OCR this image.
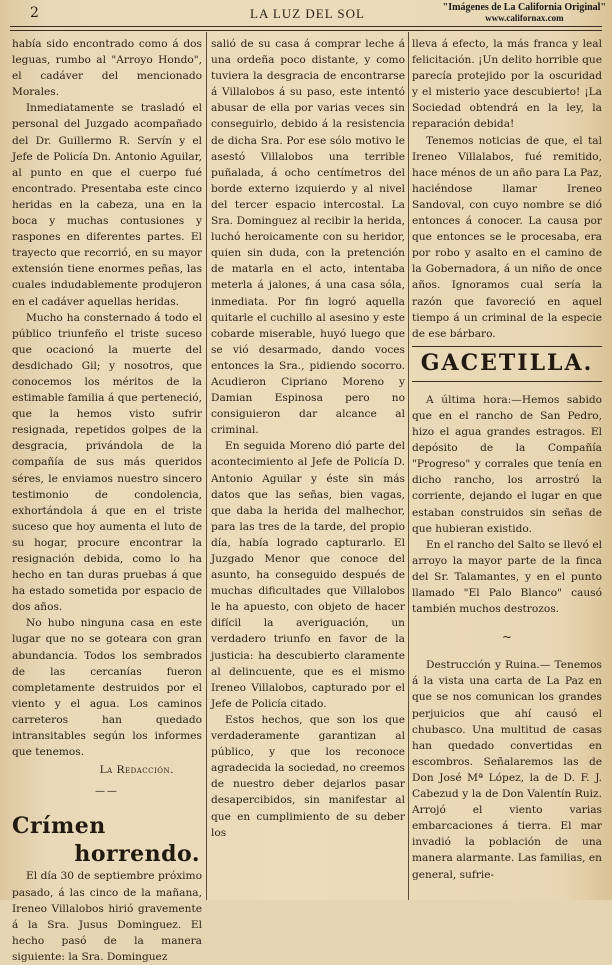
2	LA LUZ DEL SOL	"Imágenes de La California Original"
www.californax.com

había sido encontrado como á dos leguas, rumbo al "Arroyo Hondo", el cadáver del mencionado Morales.

Inmediatamente se trasladó el personal del Juzgado acompañado del Dr. Guillermo R. Servín y el Jefe de Policía Dn. Antonio Aguilar, al punto en que el cuerpo fué encontrado. Presentaba este cinco heridas en la cabeza, una en la boca y muchas contusiones y raspones en diferentes partes. El trayecto que recorrió, en su mayor extensión tiene enormes peñas, las cuales indudablemente produjeron en el cadáver aquellas heridas.

Mucho ha consternado á todo el público triunfeño el triste suceso que ocacionó la muerte del desdichado Gil; y nosotros, que conocemos los méritos de la estimable familia á que perteneció, que la hemos visto sufrir resignada, repetidos golpes de la desgracia, privándola de la compañía de sus más queridos séres, le enviamos nuestro sincero testimonio de condolencia, exhortándola á que en el triste suceso que hoy aumenta el luto de su hogar, procure encontrar la resignación debida, como lo ha hecho en tan duras pruebas á que ha estado sometida por espacio de dos años.

No hubo ninguna casa en este lugar que no se goteara con gran abundancia. Todos los sembrados de las cercanías fueron completamente destruidos por el viento y el agua. Los caminos carreteros han quedado intransitables según los informes que tenemos.

La Redacción.

——
Crímen
horrendo.

El día 30 de septiembre próximo pasado, á las cinco de la mañana, Ireneo Villalobos hirió gravemente á la Sra. Jusus Dominguez. El hecho pasó de la manera siguiente: la Sra. Dominguez

salió de su casa á comprar leche á una ordeña poco distante, y como tuviera la desgracia de encontrarse á Villalobos á su paso, este intentó abusar de ella por varias veces sin conseguirlo, debido á la resistencia de dicha Sra. Por ese sólo motivo le asestó Villalobos una terrible puñalada, á ocho centímetros del borde externo izquierdo y al nivel del tercer espacio intercostal. La Sra. Dominguez al recibir la herida, luchó heroicamente con su heridor, quien sin duda, con la pretención de matarla en el acto, intentaba meterla á jalones, á una casa sóla, inmediata. Por fin logró aquella quitarle el cuchillo al asesino y este cobarde miserable, huyó luego que se vió desarmado, dando voces entonces la Sra., pidiendo socorro. Acudieron Cipriano Moreno y Damian Espinosa pero no consiguieron dar alcance al criminal.

En seguida Moreno dió parte del acontecimiento al Jefe de Policía D. Antonio Aguilar y éste sin más datos que las señas, bien vagas, que daba la herida del malhechor, para las tres de la tarde, del propio día, había logrado capturarlo. El Juzgado Menor que conoce del asunto, ha conseguido después de muchas dificultades que Villalobos le ha apuesto, con objeto de hacer difícil la averiguación, un verdadero triunfo en favor de la justicia: ha descubierto claramente al delincuente, que es el mismo Ireneo Villalobos, capturado por el Jefe de Policía citado.

Estos hechos, que son los que verdaderamente garantizan al público, y que los reconoce agradecida la sociedad, no creemos de nuestro deber dejarlos pasar desapercibidos, sin manifestar al que en cumplimiento de su deber los

lleva á efecto, la más franca y leal felicitación. ¡Un delito horrible que parecía protejido por la oscuridad y el misterio yace descubierto! ¡La Sociedad obtendrá en la ley, la reparación debida!

Tenemos noticias de que, el tal Ireneo Villalabos, fué remitido, hace ménos de un año para La Paz, haciéndose llamar Ireneo Sandoval, con cuyo nombre se dió entonces á conocer. La causa por que entonces se le procesaba, era por robo y asalto en el camino de la Gobernadora, á un niño de once años. Ignoramos cual sería la razón que favoreció en aquel tiempo á un criminal de la especie de ese bárbaro.

GACETILLA.

A última hora:—Hemos sabido que en el rancho de San Pedro, hizo el agua grandes estragos. El depósito de la Compañía "Progreso" y corrales que tenía en dicho rancho, los arrostró la corriente, dejando el lugar en que estaban construidos sin señas de que hubieran existido.

En el rancho del Salto se llevó el arroyo la mayor parte de la finca del Sr. Talamantes, y en el punto llamado "El Palo Blanco" causó también muchos destrozos.

~

Destrucción y Ruina.— Tenemos á la vista una carta de La Paz en que se nos comunican los grandes perjuicios que ahí causó el chubasco. Una multitud de casas han quedado convertidas en escombros. Señalaremos las de Don José Mª López, la de D. F. J. Cabezud y la de Don Valentín Ruiz. Arrojó el viento varias embarcaciones á tierra. El mar invadió la población de una manera alarmante. Las familias, en general, sufrie-
